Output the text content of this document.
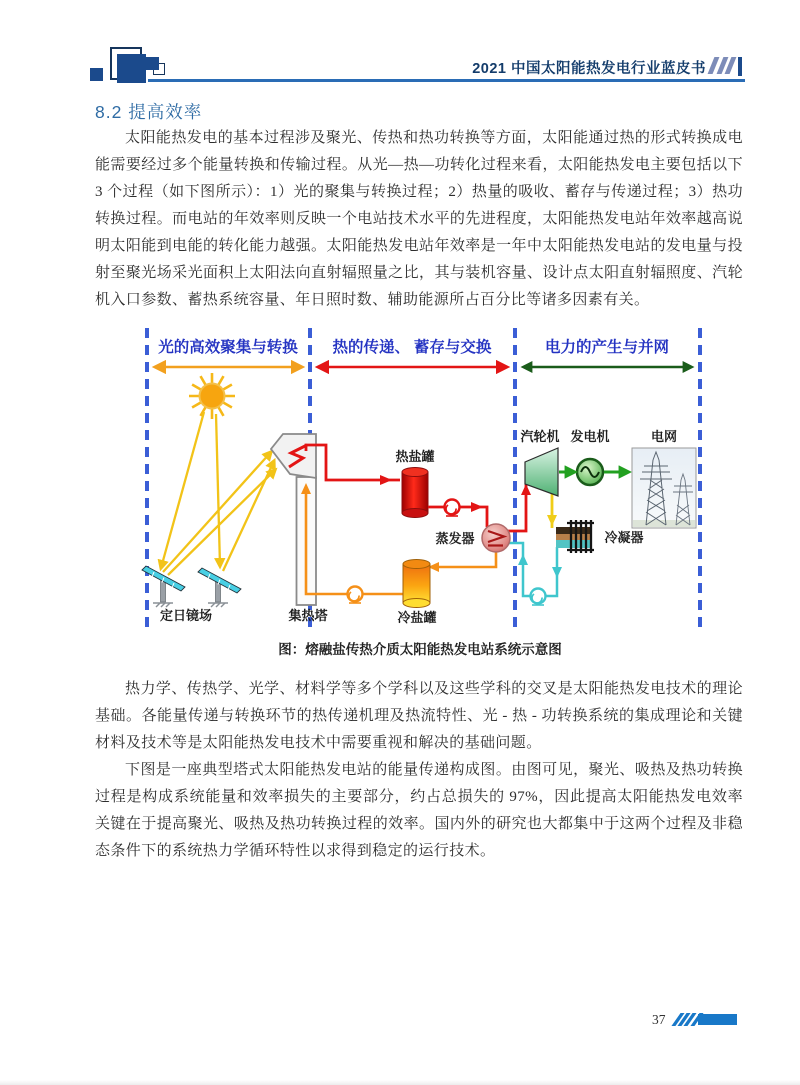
2021 中国太阳能热发电行业蓝皮书
8.2 提高效率

太阳能热发电的基本过程涉及聚光、传热和热功转换等方面，太阳能通过热的形式转换成电能需要经过多个能量转换和传输过程。从光—热—功转化过程来看，太阳能热发电主要包括以下 3 个过程（如下图所示）：1）光的聚集与转换过程；2）热量的吸收、蓄存与传递过程；3）热功转换过程。而电站的年效率则反映一个电站技术水平的先进程度，太阳能热发电站年效率越高说明太阳能到电能的转化能力越强。太阳能热发电站年效率是一年中太阳能热发电站的发电量与投射至聚光场采光面积上太阳法向直射辐照量之比，其与装机容量、设计点太阳直射辐照度、汽轮机入口参数、蓄热系统容量、年日照时数、辅助能源所占百分比等诸多因素有关。

光的高效聚集与转换 热的传递、 蓄存与交换	电力的产生与并网
定日镜场	集热塔
热盐罐
冷盐罐
冷凝器
蒸发器
汽轮机 发电机	电网
图：熔融盐传热介质太阳能热发电站系统示意图

热力学、传热学、光学、材料学等多个学科以及这些学科的交叉是太阳能热发电技术的理论基础。各能量传递与转换环节的热传递机理及热流特性、光 - 热 - 功转换系统的集成理论和关键材料及技术等是太阳能热发电技术中需要重视和解决的基础问题。

下图是一座典型塔式太阳能热发电站的能量传递构成图。由图可见，聚光、吸热及热功转换过程是构成系统能量和效率损失的主要部分，约占总损失的 97%，因此提高太阳能热发电效率关键在于提高聚光、吸热及热功转换过程的效率。国内外的研究也大都集中于这两个过程及非稳态条件下的系统热力学循环特性以求得到稳定的运行技术。

37
